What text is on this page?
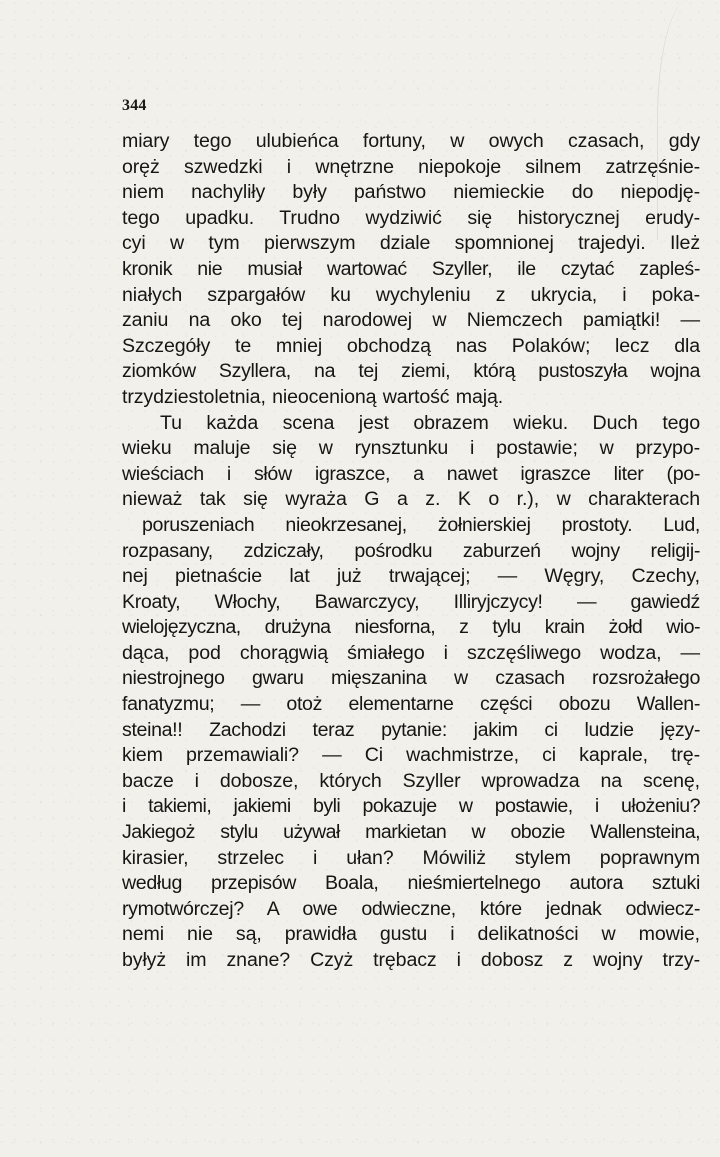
344
miary tego ulubieńca fortuny, w owych czasach, gdy
oręż szwedzki i wnętrzne niepokoje silnem zatrzęśnie-
niem nachyliły były państwo niemieckie do niepodję-
tego upadku. Trudno wydziwić się historycznej erudy-
cyi w tym pierwszym dziale spomnionej trajedyi. Ileż
kronik nie musiał wartować Szyller, ile czytać zapleś-
niałych szpargałów ku wychyleniu z ukrycia, i poka-
zaniu na oko tej narodowej w Niemczech pamiątki! —
Szczegóły te mniej obchodzą nas Polaków; lecz dla
ziomków Szyllera, na tej ziemi, którą pustoszyła wojna
trzydziestoletnia, nieocenioną wartość mają.
Tu każda scena jest obrazem wieku. Duch tego
wieku maluje się w rynsztunku i postawie; w przypo-
wieściach i słów igraszce, a nawet igraszce liter (po-
nieważ tak się wyraża G a z. K o r.), w charakterach
poruszeniach nieokrzesanej, żołnierskiej prostoty. Lud,
rozpasany, zdziczały, pośrodku zaburzeń wojny religij-
nej pietnaście lat już trwającej; — Węgry, Czechy,
Kroaty, Włochy, Bawarczycy, Illiryjczycy! — gawiedź
wielojęzyczna, drużyna niesforna, z tylu krain żołd wio-
dąca, pod chorągwią śmiałego i szczęśliwego wodza, —
niestrojnego gwaru mięszanina w czasach rozsrożałego
fanatyzmu; — otoż elementarne części obozu Wallen-
steina!! Zachodzi teraz pytanie: jakim ci ludzie języ-
kiem przemawiali? — Ci wachmistrze, ci kaprale, trę-
bacze i dobosze, których Szyller wprowadza na scenę,
i takiemi, jakiemi byli pokazuje w postawie, i ułożeniu?
Jakiegoż stylu używał markietan w obozie Wallensteina,
kirasier, strzelec i ułan? Mówiliż stylem poprawnym
według przepisów Boala, nieśmiertelnego autora sztuki
rymotwórczej? A owe odwieczne, które jednak odwiecz-
nemi nie są, prawidła gustu i delikatności w mowie,
byłyż im znane? Czyż trębacz i dobosz z wojny trzy-
